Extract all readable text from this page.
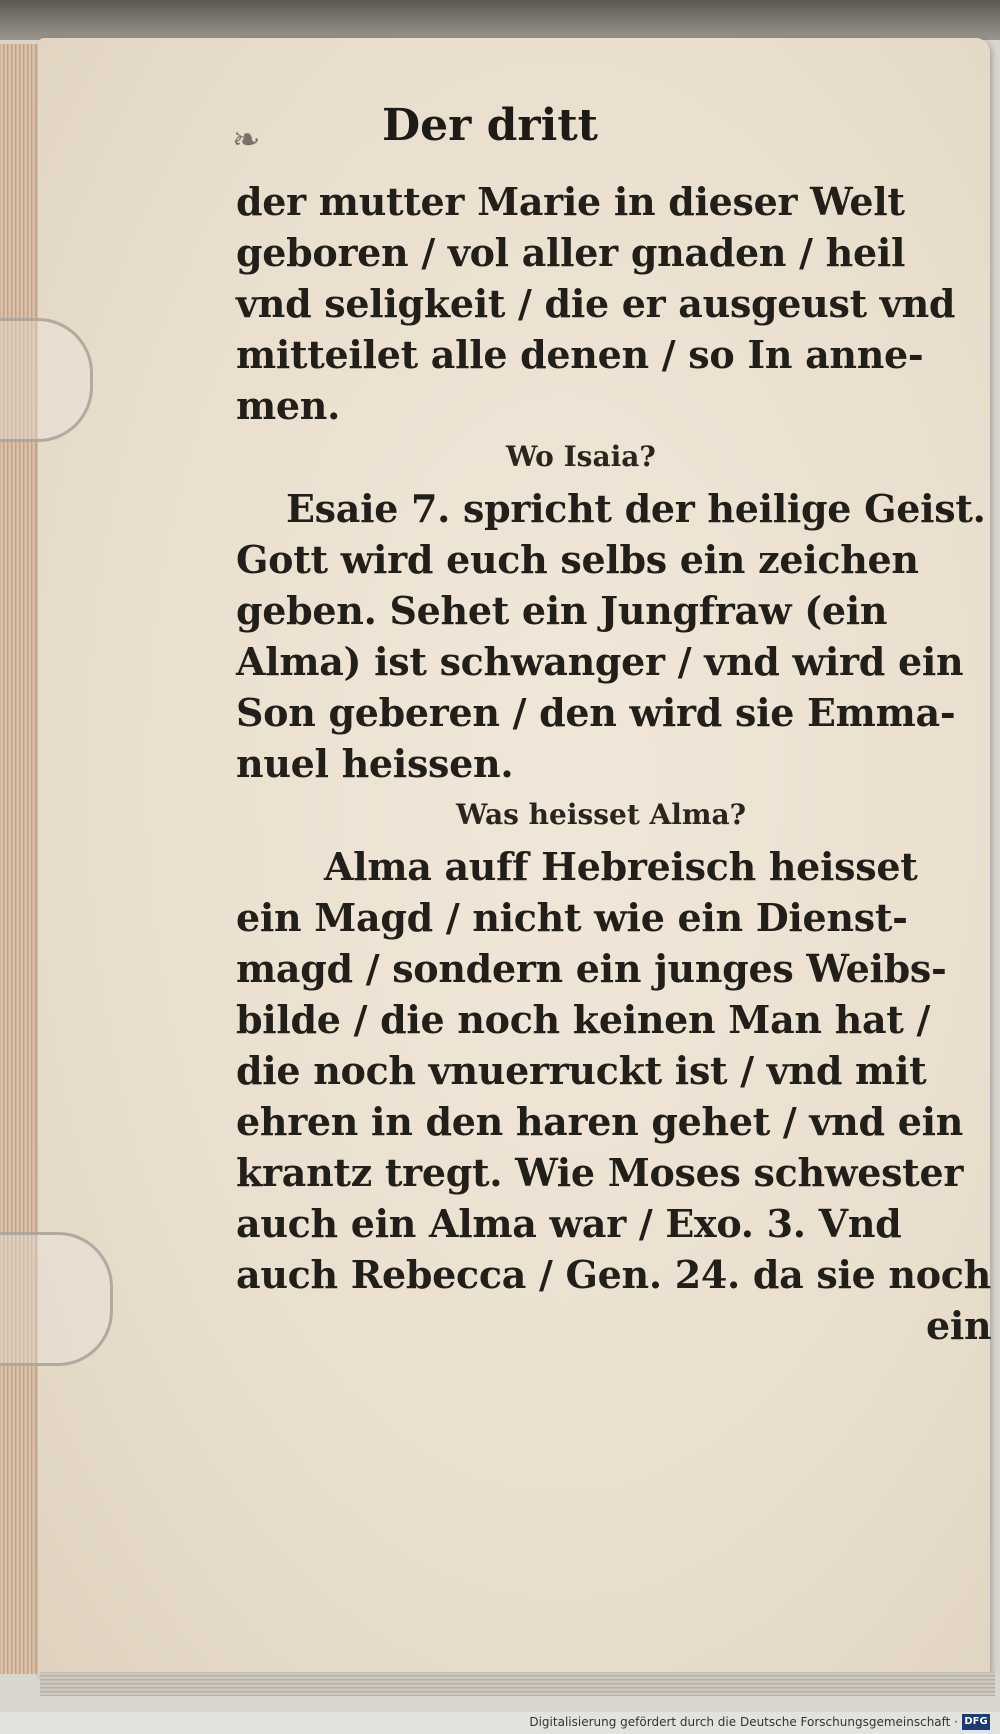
❧	Der dritt
der mutter Marie in dieser Welt
geboren / vol aller gnaden / heil
vnd seligkeit / die er ausgeust vnd
mitteilet alle denen / so In anne-
men.
Wo Isaia?
Esaie 7. spricht der heilige Geist.
Gott wird euch selbs ein zeichen
geben. Sehet ein Jungfraw (ein
Alma) ist schwanger / vnd wird ein
Son geberen / den wird sie Emma-
nuel heissen.
Was heisset Alma?
Alma auff Hebreisch heisset
ein Magd / nicht wie ein Dienst-
magd / sondern ein junges Weibs-
bilde / die noch keinen Man hat /
die noch vnuerruckt ist / vnd mit
ehren in den haren gehet / vnd ein
krantz tregt. Wie Moses schwester
auch ein Alma war / Exo. 3. Vnd
auch Rebecca / Gen. 24. da sie noch
ein
Digitalisierung gefördert durch die Deutsche Forschungsgemeinschaft · DFG
